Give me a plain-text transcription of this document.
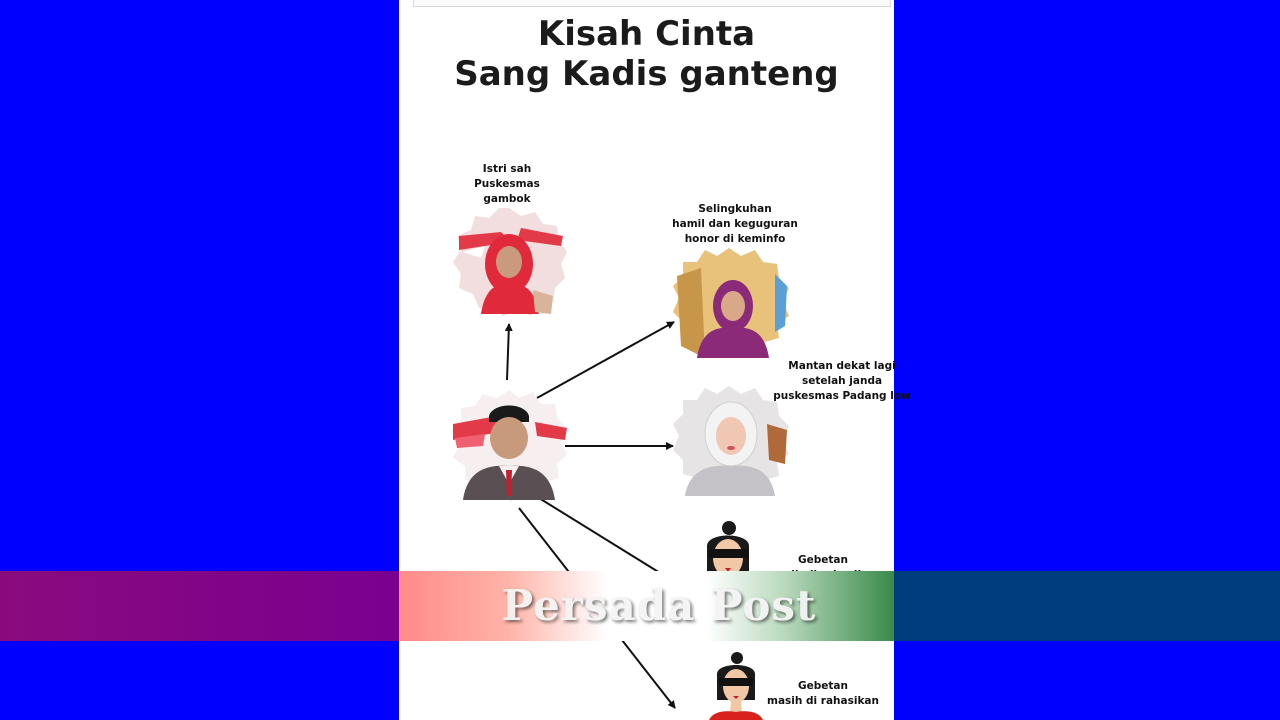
Kisah Cinta
Sang Kadis ganteng
Istri sah
Puskesmas
gambok
Selingkuhan
hamil dan keguguran
honor di keminfo
Mantan dekat lagi
setelah janda
puskesmas Padang low
Gebetan
Gebetan
masih di rahasikan
Persada Post
